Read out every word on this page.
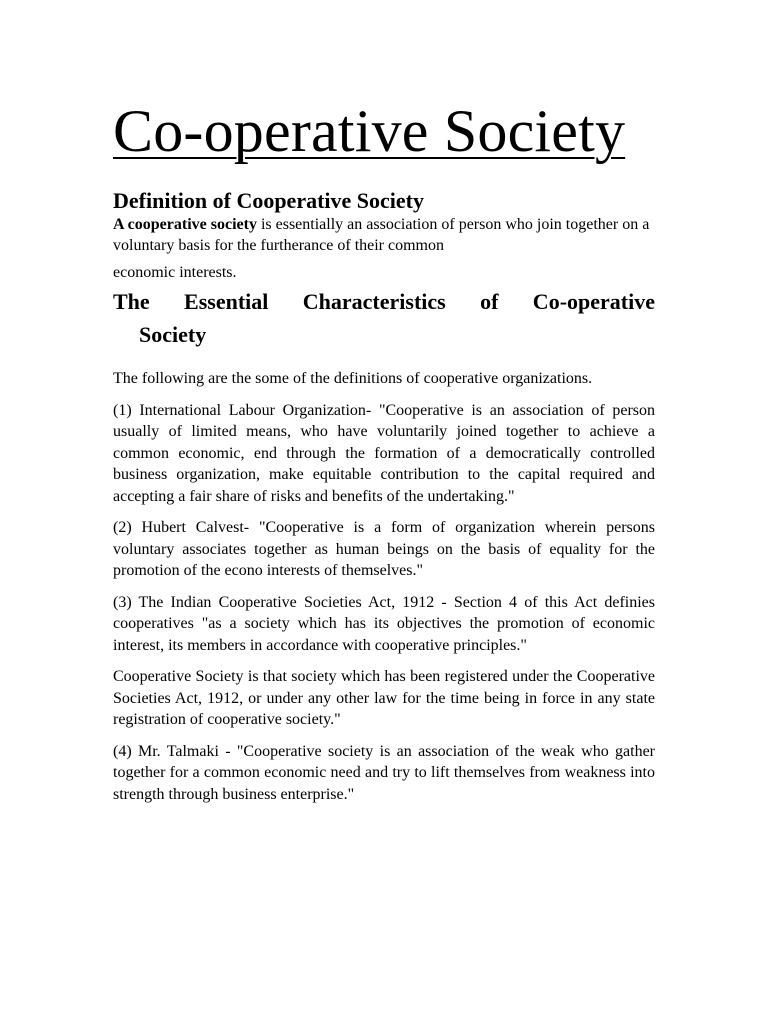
Co-operative Society
Definition of Cooperative Society

A cooperative society is essentially an association of person who join together on a voluntary basis for the furtherance of their common

economic interests.

The Essential Characteristics of Co-operative
Society

The following are the some of the definitions of cooperative organizations.

(1) International Labour Organization- "Cooperative is an association of person usually of limited means, who have voluntarily joined together to achieve a common economic, end through the formation of a democratically controlled business organization, make equitable contribution to the capital required and accepting a fair share of risks and benefits of the undertaking."

(2) Hubert Calvest- "Cooperative is a form of organization wherein persons voluntary associates together as human beings on the basis of equality for the promotion of the econo interests of themselves."

(3) The Indian Cooperative Societies Act, 1912 - Section 4 of this Act definies cooperatives "as a society which has its objectives the promotion of economic interest, its members in accordance with cooperative principles."

Cooperative Society is that society which has been registered under the Cooperative Societies Act, 1912, or under any other law for the time being in force in any state registration of cooperative society."

(4) Mr. Talmaki - "Cooperative society is an association of the weak who gather together for a common economic need and try to lift themselves from weakness into strength through business enterprise."
